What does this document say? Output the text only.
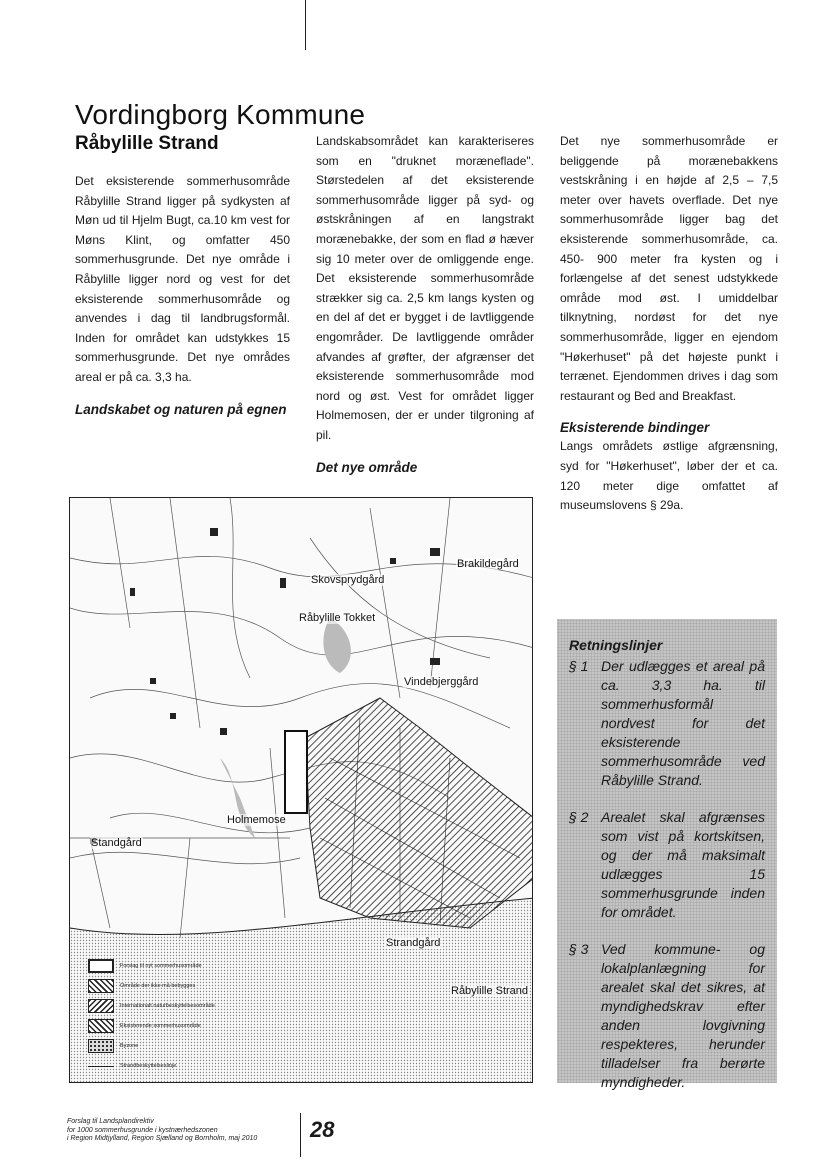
Vordingborg Kommune
Råbylille Strand

Det eksisterende sommerhusområde Råbylille Strand ligger på sydkysten af Møn ud til Hjelm Bugt, ca.10 km vest for Møns Klint, og omfatter 450 sommerhusgrunde. Det nye område i Råbylille ligger nord og vest for det eksisterende sommerhusområde og anvendes i dag til landbrugsformål. Inden for området kan udstykkes 15 sommerhusgrunde. Det nye områdes areal er på ca. 3,3 ha.

Landskabet og naturen på egnen

Landskabsområdet kan karakteriseres som en "druknet moræneflade". Størstedelen af det eksisterende sommerhusområde ligger på syd- og østskråningen af en langstrakt morænebakke, der som en flad ø hæver sig 10 meter over de omliggende enge. Det eksisterende sommerhusområde strækker sig ca. 2,5 km langs kysten og en del af det er bygget i de lavtliggende engområder. De lavtliggende områder afvandes af grøfter, der afgrænser det eksisterende sommerhusområde mod nord og øst. Vest for området ligger Holmemosen, der er under tilgroning af pil.

Det nye område

Det nye sommerhusområde er beliggende på morænebakkens vestskråning i en højde af 2,5 – 7,5 meter over havets overflade. Det nye sommerhusområde ligger bag det eksisterende sommerhusområde, ca. 450- 900 meter fra kysten og i forlængelse af det senest udstykkede område mod øst. I umiddelbar tilknytning, nordøst for det nye sommerhusområde, ligger en ejendom "Høkerhuset" på det højeste punkt i terrænet. Ejendommen drives i dag som restaurant og Bed and Breakfast.

Eksisterende bindinger

Langs områdets østlige afgrænsning, syd for "Høkerhuset", løber der et ca. 120 meter dige omfattet af museumslovens § 29a.

Brakildegård
Skovsprydgård
Råbylille Tokket
Vindebjerggård
Holmemose
Standgård
Strandgård
Råbylille Strand
Forslag til nyt sommerhusområde
Område der ikke må bebygges
Internationalt naturbeskyttelsesområde
Eksisterende sommerhusområde
Byzone
Strandbeskyttelseslinje
Retningslinjer
§ 1 Der udlægges et areal på ca. 3,3 ha. til sommerhusformål nordvest for det eksisterende sommerhusområde ved Råbylille Strand.
§ 2 Arealet skal afgrænses som vist på kortskitsen, og der må maksimalt udlægges 15 sommerhusgrunde inden for området.
§ 3 Ved kommune- og lokalplanlægning for arealet skal det sikres, at myndighedskrav efter anden lovgivning respekteres, herunder tilladelser fra berørte myndigheder.
Forslag til Landsplandirektiv
for 1000 sommerhusgrunde i kystnærhedszonen
i Region Midtjylland, Region Sjælland og Bornholm, maj 2010 28
